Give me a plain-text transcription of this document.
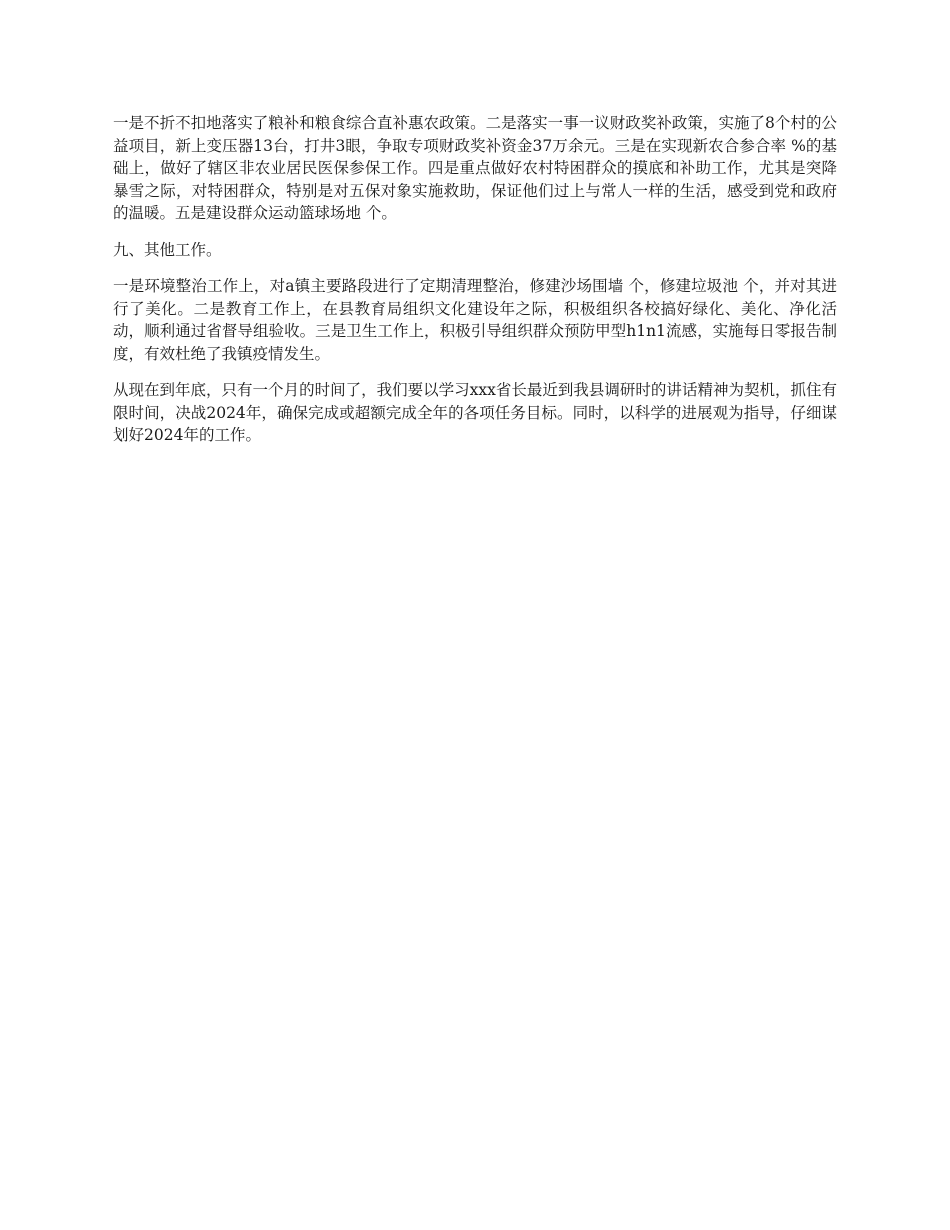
一是不折不扣地落实了粮补和粮食综合直补惠农政策。二是落实一事一议财政奖补政策，实施了8个村的公益项目，新上变压器13台，打井3眼，争取专项财政奖补资金37万余元。三是在实现新农合参合率 %的基础上，做好了辖区非农业居民医保参保工作。四是重点做好农村特困群众的摸底和补助工作，尤其是突降暴雪之际，对特困群众，特别是对五保对象实施救助，保证他们过上与常人一样的生活，感受到党和政府的温暖。五是建设群众运动篮球场地 个。

九、其他工作。

一是环境整治工作上，对a镇主要路段进行了定期清理整治，修建沙场围墙 个，修建垃圾池 个，并对其进行了美化。二是教育工作上，在县教育局组织文化建设年之际，积极组织各校搞好绿化、美化、净化活动，顺利通过省督导组验收。三是卫生工作上，积极引导组织群众预防甲型h1n1流感，实施每日零报告制度，有效杜绝了我镇疫情发生。

从现在到年底，只有一个月的时间了，我们要以学习xxx省长最近到我县调研时的讲话精神为契机，抓住有限时间，决战2024年，确保完成或超额完成全年的各项任务目标。同时，以科学的进展观为指导，仔细谋划好2024年的工作。
